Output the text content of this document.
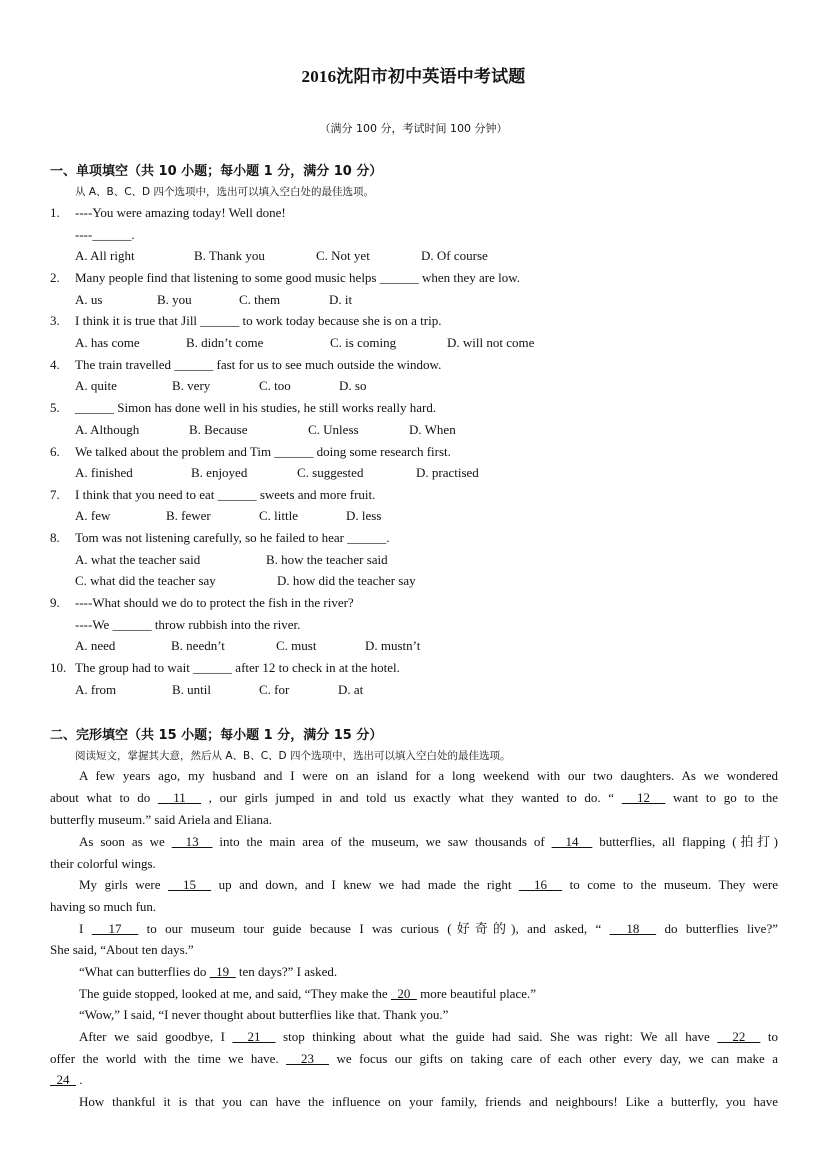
2016沈阳市初中英语中考试题
（满分 100 分，考试时间 100 分钟）
一、单项填空（共 10 小题；每小题 1 分，满分 10 分）
从 A、B、C、D 四个选项中，选出可以填入空白处的最佳选项。
1. ----You were amazing today! Well done!
----______.
A. All right	B. Thank you	C. Not yet	D. Of course
2. Many people find that listening to some good music helps ______ when they are low.
A. us	B. you	C. them	D. it
3. I think it is true that Jill ______ to work today because she is on a trip.
A. has come	B. didn’t come	C. is coming	D. will not come
4. The train travelled ______ fast for us to see much outside the window.
A. quite	B. very	C. too	D. so
5. ______ Simon has done well in his studies, he still works really hard.
A. Although	B. Because	C. Unless	D. When
6. We talked about the problem and Tim ______ doing some research first.
A. finished	B. enjoyed	C. suggested	D. practised
7. I think that you need to eat ______ sweets and more fruit.
A. few	B. fewer	C. little	D. less
8. Tom was not listening carefully, so he failed to hear ______.
A. what the teacher said	B. how the teacher said
C. what did the teacher say	D. how did the teacher say
9. ----What should we do to protect the fish in the river?
----We ______ throw rubbish into the river.
A. need	B. needn’t	C. must	D. mustn’t
10. The group had to wait ______ after 12 to check in at the hotel.
A. from	B. until	C. for	D. at
二、完形填空（共 15 小题；每小题 1 分，满分 15 分）
阅读短文，掌握其大意，然后从 A、B、C、D 四个选项中，选出可以填入空白处的最佳选项。
A few years ago, my husband and I were on an island for a long weekend with our two daughters. As we wondered
about what to do   11   , our girls jumped in and told us exactly what they wanted to do. “   12   want to go to the
butterfly museum.” said Ariela and Eliana.
As soon as we   13   into the main area of the museum, we saw thousands of   14   butterflies, all flapping (拍打)
their colorful wings.
My girls were   15   up and down, and I knew we had made the right   16   to come to the museum. They were
having so much fun.
I   17   to our museum tour guide because I was curious (好奇的), and asked, “   18   do butterflies live?”
She said, “About ten days.”
“What can butterflies do   19   ten days?” I asked.
The guide stopped, looked at me, and said, “They make the   20   more beautiful place.”
“Wow,” I said, “I never thought about butterflies like that. Thank you.”
After we said goodbye, I   21   stop thinking about what the guide had said. She was right: We all have   22   to
offer the world with the time we have.   23   we focus our gifts on taking care of each other every day, we can make a
24   .
How thankful it is that you can have the influence on your family, friends and neighbours! Like a butterfly, you have
